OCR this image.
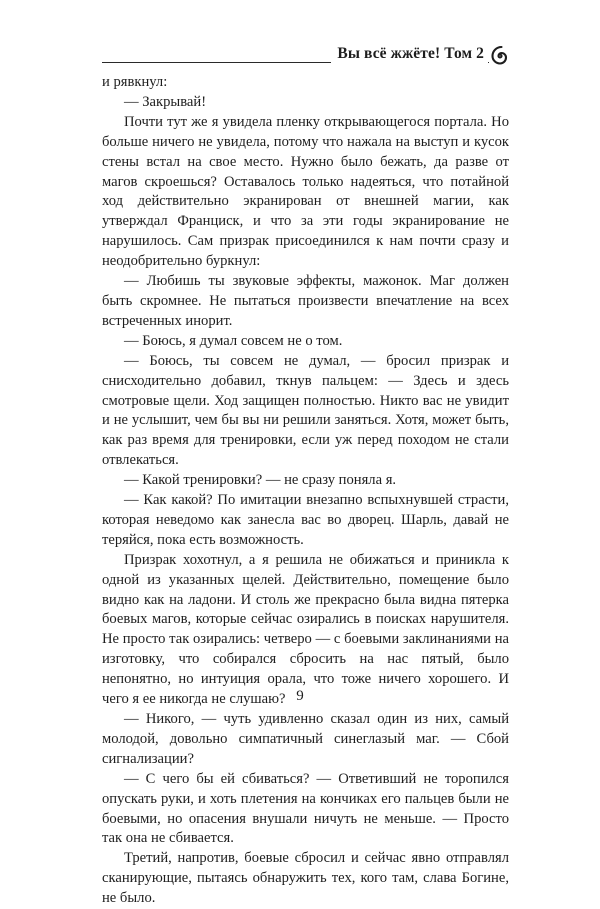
Вы всё жжёте! Том 2

и рявкнул:

— Закрывай!

Почти тут же я увидела пленку открывающегося портала. Но больше ничего не увидела, потому что нажала на выступ и кусок стены встал на свое место. Нужно было бежать, да разве от магов скроешься? Оставалось только надеяться, что потайной ход действительно экранирован от внешней магии, как утверждал Франциск, и что за эти годы экранирование не нарушилось. Сам призрак присоединился к нам почти сразу и неодобрительно буркнул:

— Любишь ты звуковые эффекты, мажонок. Маг должен быть скромнее. Не пытаться произвести впечатление на всех встреченных инорит.

— Боюсь, я думал совсем не о том.

— Боюсь, ты совсем не думал, — бросил призрак и снисходительно добавил, ткнув пальцем: — Здесь и здесь смотровые щели. Ход защищен полностью. Никто вас не увидит и не услышит, чем бы вы ни решили заняться. Хотя, может быть, как раз время для тренировки, если уж перед походом не стали отвлекаться.

— Какой тренировки? — не сразу поняла я.

— Как какой? По имитации внезапно вспыхнувшей страсти, которая неведомо как занесла вас во дворец. Шарль, давай не теряйся, пока есть возможность.

Призрак хохотнул, а я решила не обижаться и приникла к одной из указанных щелей. Действительно, помещение было видно как на ладони. И столь же прекрасно была видна пятерка боевых магов, которые сейчас озирались в поисках нарушителя. Не просто так озирались: четверо — с боевыми заклинаниями на изготовку, что собирался сбросить на нас пятый, было непонятно, но интуиция орала, что тоже ничего хорошего. И чего я ее никогда не слушаю?

— Никого, — чуть удивленно сказал один из них, самый молодой, довольно симпатичный синеглазый маг. — Сбой сигнализации?

— С чего бы ей сбиваться? — Ответивший не торопился опускать руки, и хоть плетения на кончиках его пальцев были не боевыми, но опасения внушали ничуть не меньше. — Просто так она не сбивается.

Третий, напротив, боевые сбросил и сейчас явно отправлял сканирующие, пытаясь обнаружить тех, кого там, слава Богине, не было.

9
